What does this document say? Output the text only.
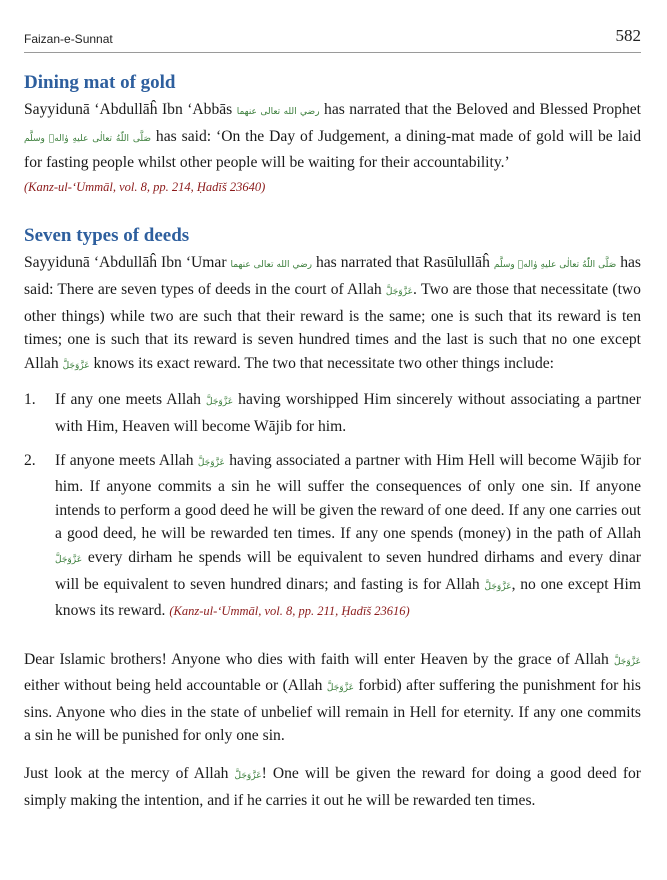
Faizan-e-Sunnat	582
Dining mat of gold

Sayyidunā ‘Abdullāĥ Ibn ‘Abbās رضي الله تعالى عنهما has narrated that the Beloved and Blessed Prophet صَلَّى اللّٰهُ تعالٰى عليهِ وٰالهٖ وسلَّم has said: ‘On the Day of Judgement, a dining-mat made of gold will be laid for fasting people whilst other people will be waiting for their accountability.’
(Kanz-ul-‘Ummāl, vol. 8, pp. 214, Ḥadīš 23640)

Seven types of deeds

Sayyidunā ‘Abdullāĥ Ibn ‘Umar رضي الله تعالى عنهما has narrated that Rasūlullāĥ صَلَّى اللّٰهُ تعالٰى عليهِ وٰالهٖ وسلَّم has said: There are seven types of deeds in the court of Allah عَزَّوَجَلَّ. Two are those that necessitate (two other things) while two are such that their reward is the same; one is such that its reward is ten times; one is such that its reward is seven hundred times and the last is such that no one except Allah عَزَّوَجَلَّ knows its exact reward. The two that necessitate two other things include:

1. If any one meets Allah عَزَّوَجَلَّ having worshipped Him sincerely without associating a partner with Him, Heaven will become Wājib for him.
2. If anyone meets Allah عَزَّوَجَلَّ having associated a partner with Him Hell will become Wājib for him. If anyone commits a sin he will suffer the consequences of only one sin. If anyone intends to perform a good deed he will be given the reward of one deed. If any one carries out a good deed, he will be rewarded ten times. If any one spends (money) in the path of Allah عَزَّوَجَلَّ every dirham he spends will be equivalent to seven hundred dirhams and every dinar will be equivalent to seven hundred dinars; and fasting is for Allah عَزَّوَجَلَّ, no one except Him knows its reward. (Kanz-ul-‘Ummāl, vol. 8, pp. 211, Ḥadīš 23616)

Dear Islamic brothers! Anyone who dies with faith will enter Heaven by the grace of Allah عَزَّوَجَلَّ either without being held accountable or (Allah عَزَّوَجَلَّ forbid) after suffering the punishment for his sins. Anyone who dies in the state of unbelief will remain in Hell for eternity. If any one commits a sin he will be punished for only one sin.

Just look at the mercy of Allah عَزَّوَجَلَّ! One will be given the reward for doing a good deed for simply making the intention, and if he carries it out he will be rewarded ten times.
